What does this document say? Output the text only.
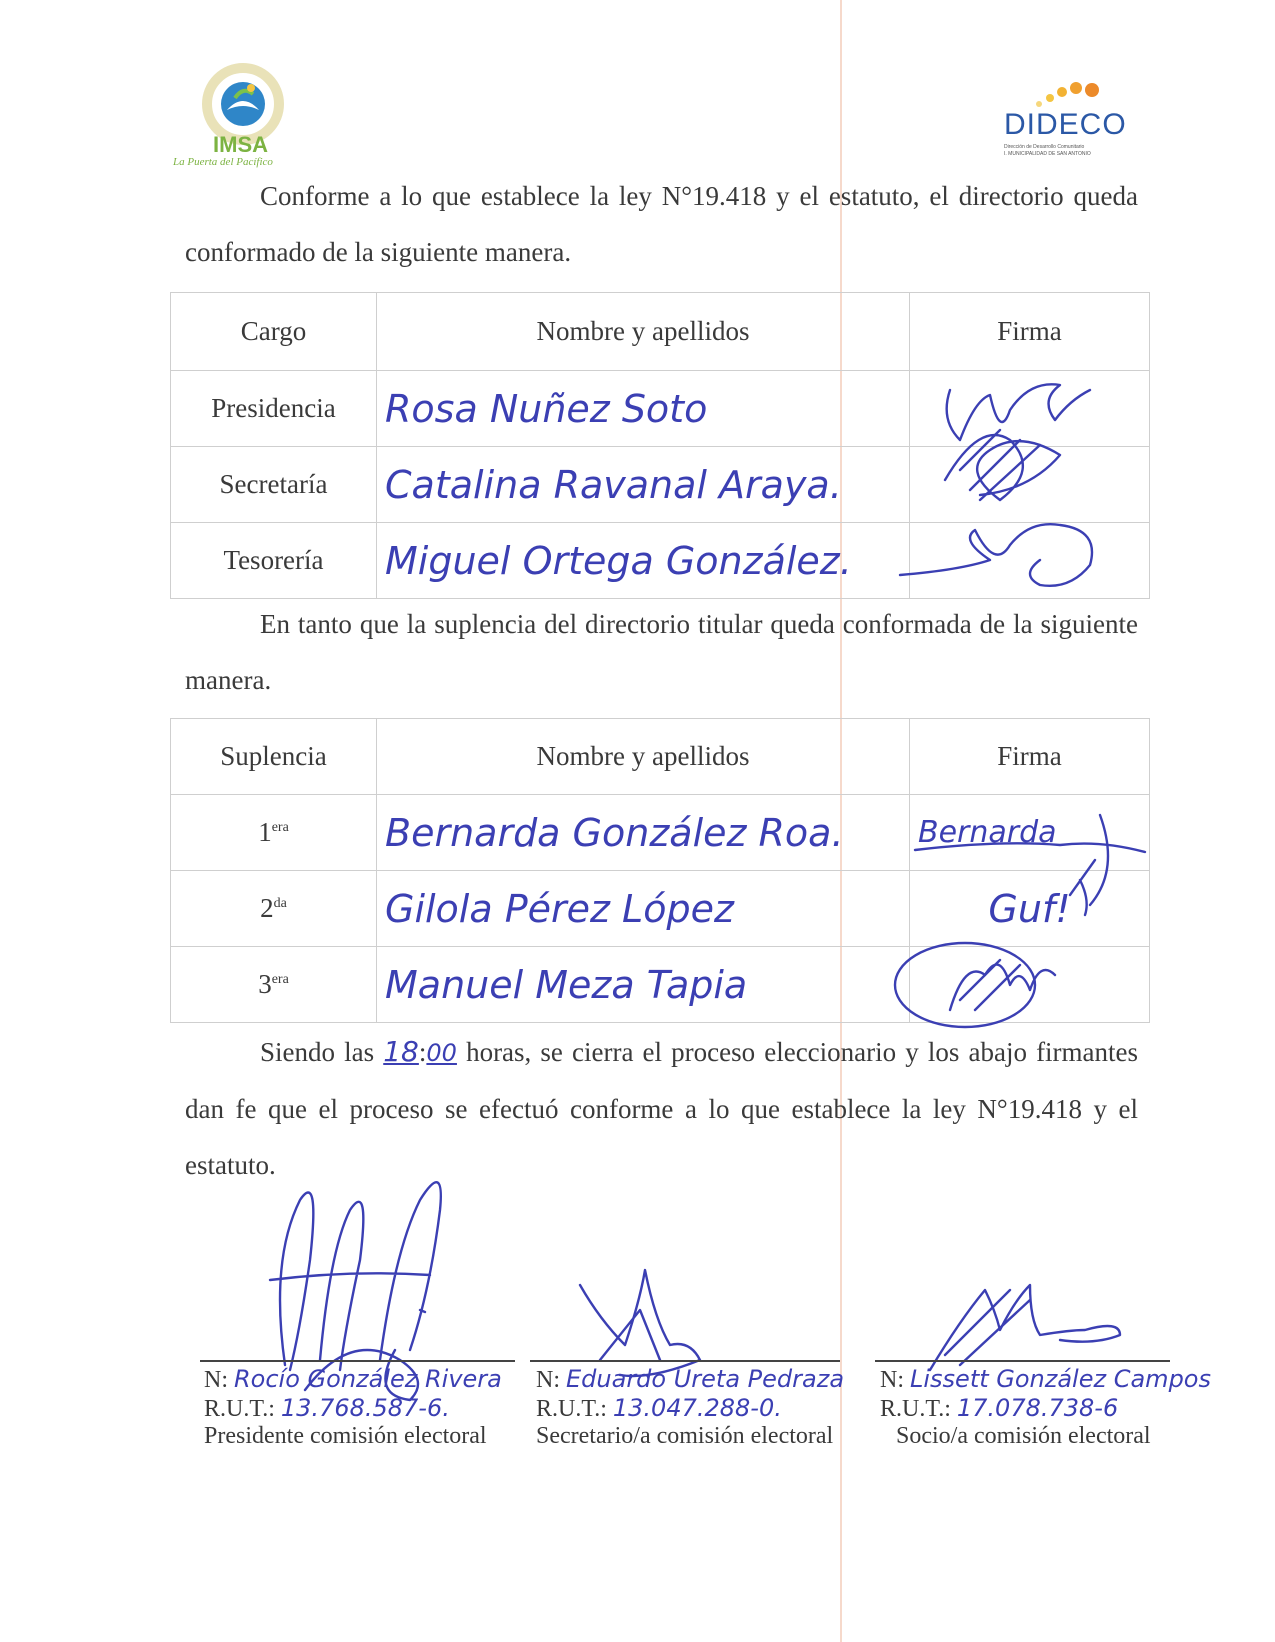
IMSA
La Puerta del Pacífico
DIDECO
Dirección de Desarrollo Comunitario
I. MUNICIPALIDAD DE SAN ANTONIO
Conforme a lo que establece la ley N°19.418 y el estatuto, el directorio queda conformado de la siguiente manera.
Cargo	Nombre y apellidos	Firma
Presidencia	Rosa Nuñez Soto	
Secretaría	Catalina Ravanal Araya.	
Tesorería	Miguel Ortega González.	
En tanto que la suplencia del directorio titular queda conformada de la siguiente manera.
Suplencia	Nombre y apellidos	Firma
$1^{era}$	Bernarda González Roa.	Bernarda
$2^{da}$	Gilola Pérez López	Guf!
$3^{era}$	Manuel Meza Tapia	
Siendo las 18:00 horas, se cierra el proceso eleccionario y los abajo firmantes dan fe que el proceso se efectuó conforme a lo que establece la ley N°19.418 y el estatuto.
N: Rocío González Rivera
R.U.T.: 13.768.587-6.
Presidente comisión electoral
N: Eduardo Ureta Pedraza
R.U.T.: 13.047.288-0.
Secretario/a comisión electoral
N: Lissett González Campos
R.U.T.: 17.078.738-6
Socio/a comisión electoral
